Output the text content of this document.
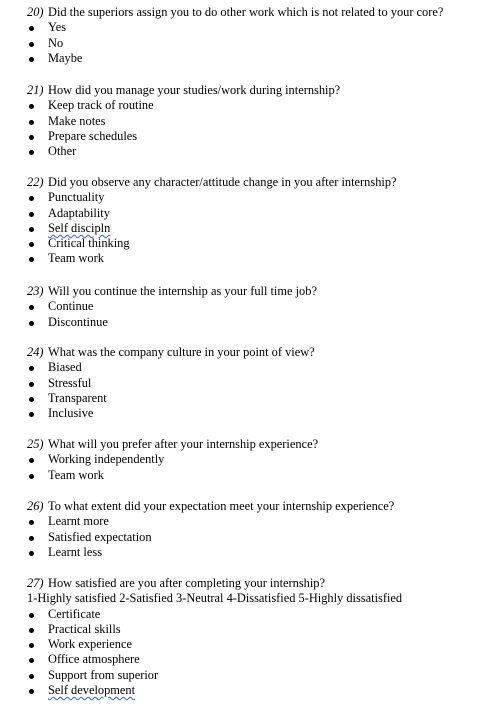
20) Did the superiors assign you to do other work which is not related to your core?
Yes
No
Maybe
21) How did you manage your studies/work during internship?
Keep track of routine
Make notes
Prepare schedules
Other
22) Did you observe any character/attitude change in you after internship?
Punctuality
Adaptability
Self discipln
Critical thinking
Team work
23) Will you continue the internship as your full time job?
Continue
Discontinue
24) What was the company culture in your point of view?
Biased
Stressful
Transparent
Inclusive
25) What will you prefer after your internship experience?
Working independently
Team work
26) To what extent did your expectation meet your internship experience?
Learnt more
Satisfied expectation
Learnt less
27) How satisfied are you after completing your internship?
1-Highly satisfied 2-Satisfied 3-Neutral 4-Dissatisfied 5-Highly dissatisfied
Certificate
Practical skills
Work experience
Office atmosphere
Support from superior
Self development
